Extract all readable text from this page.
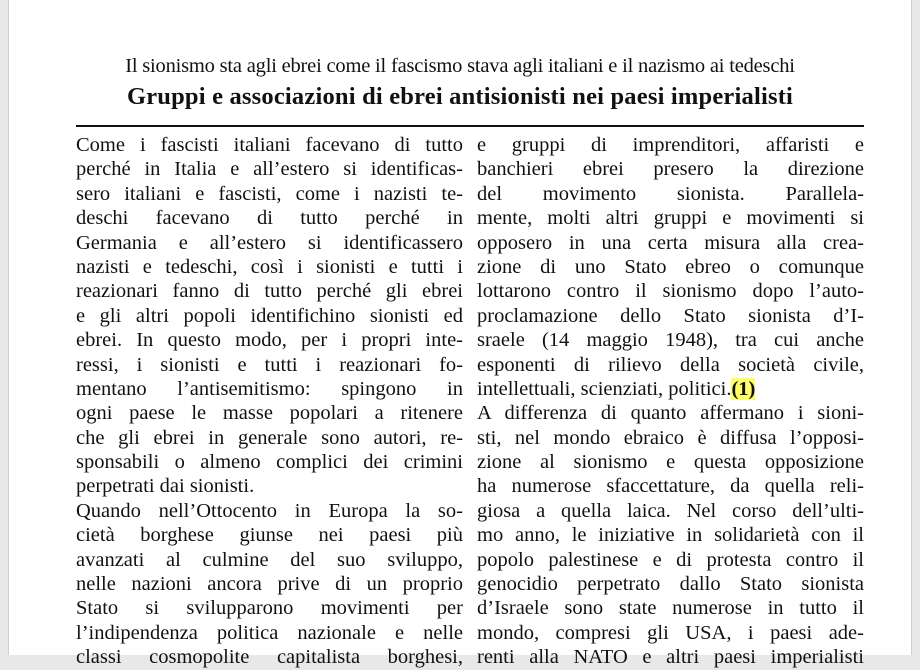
Il sionismo sta agli ebrei come il fascismo stava agli italiani e il nazismo ai tedeschi
Gruppi e associazioni di ebrei antisionisti nei paesi imperialisti
Come i fascisti italiani facevano di tutto
perché in Italia e all’estero si identificas-
sero italiani e fascisti, come i nazisti te-
deschi facevano di tutto perché in
Germania e all’estero si identificassero
nazisti e tedeschi, così i sionisti e tutti i
reazionari fanno di tutto perché gli ebrei
e gli altri popoli identifichino sionisti ed
ebrei. In questo modo, per i propri inte-
ressi, i sionisti e tutti i reazionari fo-
mentano l’antisemitismo: spingono in
ogni paese le masse popolari a ritenere
che gli ebrei in generale sono autori, re-
sponsabili o almeno complici dei crimini
perpetrati dai sionisti.
Quando nell’Ottocento in Europa la so-
cietà borghese giunse nei paesi più
avanzati al culmine del suo sviluppo,
nelle nazioni ancora prive di un proprio
Stato si svilupparono movimenti per
l’indipendenza politica nazionale e nelle
classi cosmopolite capitalista borghesi,
e gruppi di imprenditori, affaristi e
banchieri ebrei presero la direzione
del movimento sionista. Parallela-
mente, molti altri gruppi e movimenti si
opposero in una certa misura alla crea-
zione di uno Stato ebreo o comunque
lottarono contro il sionismo dopo l’auto-
proclamazione dello Stato sionista d’I-
sraele (14 maggio 1948), tra cui anche
esponenti di rilievo della società civile,
intellettuali, scienziati, politici.(1)
A differenza di quanto affermano i sioni-
sti, nel mondo ebraico è diffusa l’opposi-
zione al sionismo e questa opposizione
ha numerose sfaccettature, da quella reli-
giosa a quella laica. Nel corso dell’ulti-
mo anno, le iniziative in solidarietà con il
popolo palestinese e di protesta contro il
genocidio perpetrato dallo Stato sionista
d’Israele sono state numerose in tutto il
mondo, compresi gli USA, i paesi ade-
renti alla NATO e altri paesi imperialisti
